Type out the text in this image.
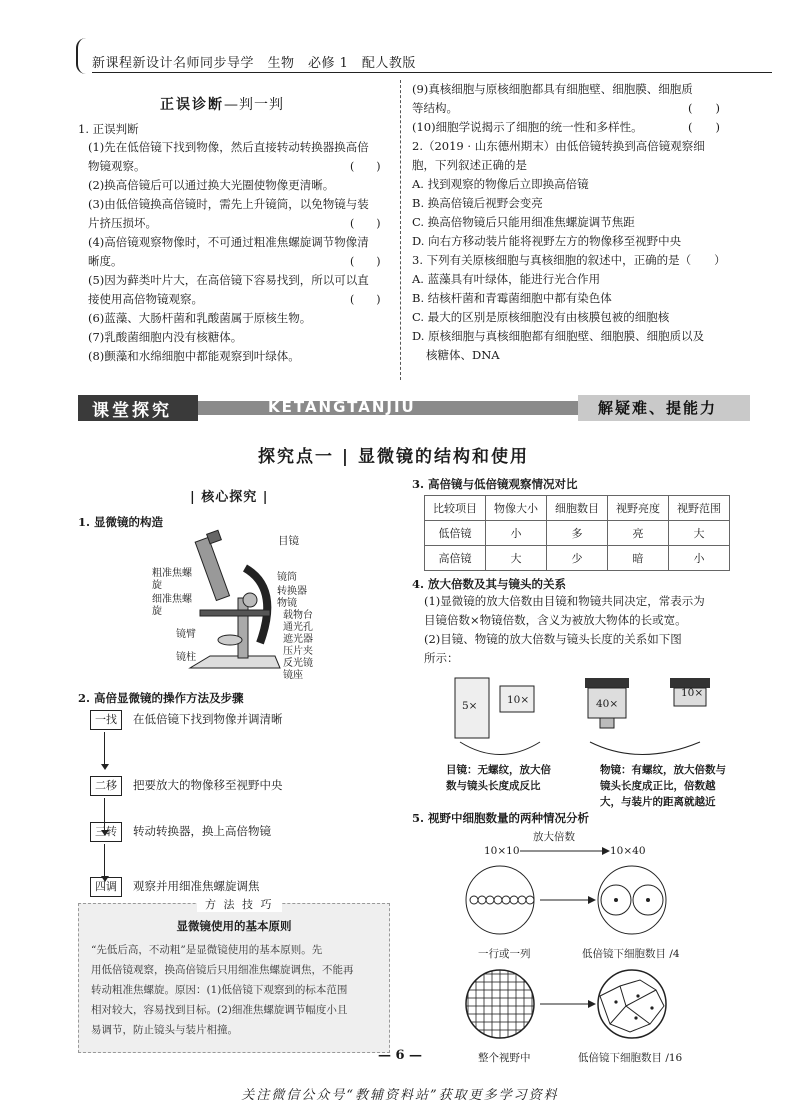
新课程新设计名师同步导学　生物　必修 1　配人教版
正误诊断—判一判
1. 正误判断
(1)先在低倍镜下找到物像，然后直接转动转换器换高倍
物镜观察。	(　　)
(2)换高倍镜后可以通过换大光圈使物像更清晰。
(3)由低倍镜换高倍镜时，需先上升镜筒，以免物镜与装
片挤压损坏。	(　　)
(4)高倍镜观察物像时，不可通过粗准焦螺旋调节物像清
晰度。	(　　)
(5)因为藓类叶片大，在高倍镜下容易找到，所以可以直
接使用高倍物镜观察。	(　　)
(6)蓝藻、大肠杆菌和乳酸菌属于原核生物。
(7)乳酸菌细胞内没有核糖体。
(8)颤藻和水绵细胞中都能观察到叶绿体。
(9)真核细胞与原核细胞都具有细胞壁、细胞膜、细胞质
等结构。	(　　)
(10)细胞学说揭示了细胞的统一性和多样性。	(　　)
2.（2019 · 山东德州期末）由低倍镜转换到高倍镜观察细
胞，下列叙述正确的是
A. 找到观察的物像后立即换高倍镜
B. 换高倍镜后视野会变亮
C. 换高倍物镜后只能用细准焦螺旋调节焦距
D. 向右方移动装片能将视野左方的物像移至视野中央
3. 下列有关原核细胞与真核细胞的叙述中，正确的是（　　）
A. 蓝藻具有叶绿体，能进行光合作用
B. 结核杆菌和青霉菌细胞中都有染色体
C. 最大的区别是原核细胞没有由核膜包被的细胞核
D. 原核细胞与真核细胞都有细胞壁、细胞膜、细胞质以及
核糖体、DNA
课堂探究	KETANGTANJIU	解疑难、提能力
探究点一 | 显微镜的结构和使用
| 核心探究 |
1. 显微镜的构造
目镜
粗准焦螺旋
细准焦螺旋
镜筒
转换器
物镜
载物台
通光孔
遮光器
压片夹
反光镜
镜臂
镜柱
镜座
2. 高倍显微镜的操作方法及步骤
一找	在低倍镜下找到物像并调清晰
二移	把要放大的物像移至视野中央
三转	转动转换器，换上高倍物镜
四调	观察并用细准焦螺旋调焦
方 法 技 巧
显微镜使用的基本原则
“先低后高，不动粗”是显微镜使用的基本原则。先
用低倍镜观察，换高倍镜后只用细准焦螺旋调焦，不能再
转动粗准焦螺旋。原因：(1)低倍镜下观察到的标本范围
相对较大，容易找到目标。(2)细准焦螺旋调节幅度小且
易调节，防止镜头与装片相撞。
3. 高倍镜与低倍镜观察情况对比
比较项目	物像大小	细胞数目	视野亮度	视野范围
低倍镜	小	多	亮	大
高倍镜	大	少	暗	小
4. 放大倍数及其与镜头的关系
(1)显微镜的放大倍数由目镜和物镜共同决定，常表示为
目镜倍数×物镜倍数，含义为被放大物体的长或宽。
(2)目镜、物镜的放大倍数与镜头长度的关系如下图
所示：
5×	10×	40×
10×
目镜：无螺纹，放大倍
数与镜头长度成反比
物镜：有螺纹，放大倍数与
镜头长度成正比，倍数越
大，与装片的距离就越近
5. 视野中细胞数量的两种情况分析
10×10
放大倍数
10×40
一行或一列	低倍镜下细胞数目 /4
整个视野中	低倍镜下细胞数目 /16
— 6 —
关注微信公众号“教辅资料站”获取更多学习资料
